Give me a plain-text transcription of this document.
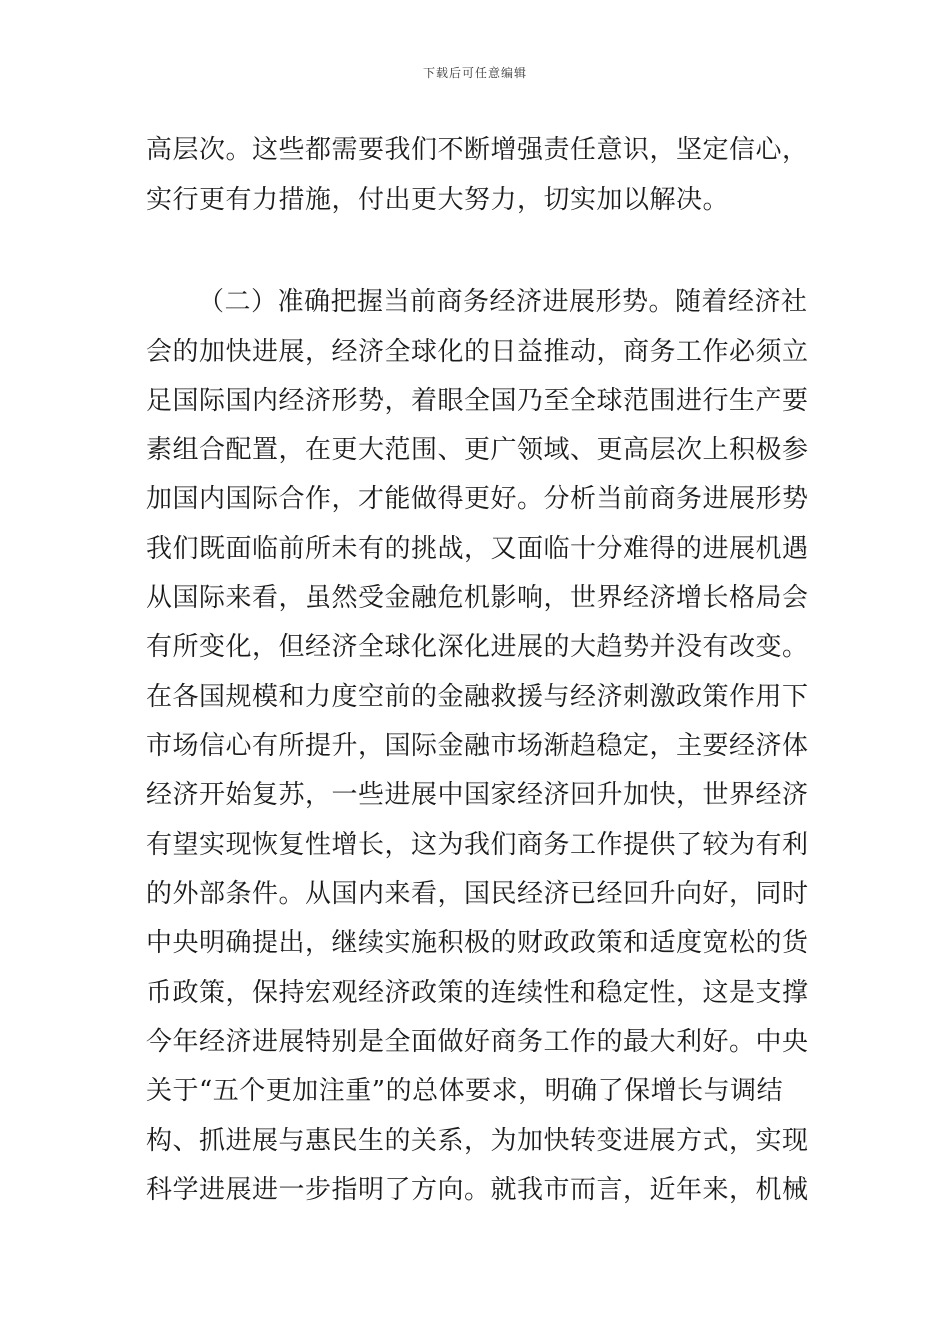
下载后可任意编辑
高层次。这些都需要我们不断增强责任意识，坚定信心，
实行更有力措施，付出更大努力，切实加以解决。
（二）准确把握当前商务经济进展形势。随着经济社
会的加快进展，经济全球化的日益推动，商务工作必须立
足国际国内经济形势，着眼全国乃至全球范围进行生产要
素组合配置，在更大范围、更广领域、更高层次上积极参
加国内国际合作，才能做得更好。分析当前商务进展形势
我们既面临前所未有的挑战，又面临十分难得的进展机遇
从国际来看，虽然受金融危机影响，世界经济增长格局会
有所变化，但经济全球化深化进展的大趋势并没有改变。
在各国规模和力度空前的金融救援与经济刺激政策作用下
市场信心有所提升，国际金融市场渐趋稳定，主要经济体
经济开始复苏，一些进展中国家经济回升加快，世界经济
有望实现恢复性增长，这为我们商务工作提供了较为有利
的外部条件。从国内来看，国民经济已经回升向好，同时
中央明确提出，继续实施积极的财政政策和适度宽松的货
币政策，保持宏观经济政策的连续性和稳定性，这是支撑
今年经济进展特别是全面做好商务工作的最大利好。中央
关于“五个更加注重”的总体要求，明确了保增长与调结
构、抓进展与惠民生的关系，为加快转变进展方式，实现
科学进展进一步指明了方向。就我市而言，近年来，机械
